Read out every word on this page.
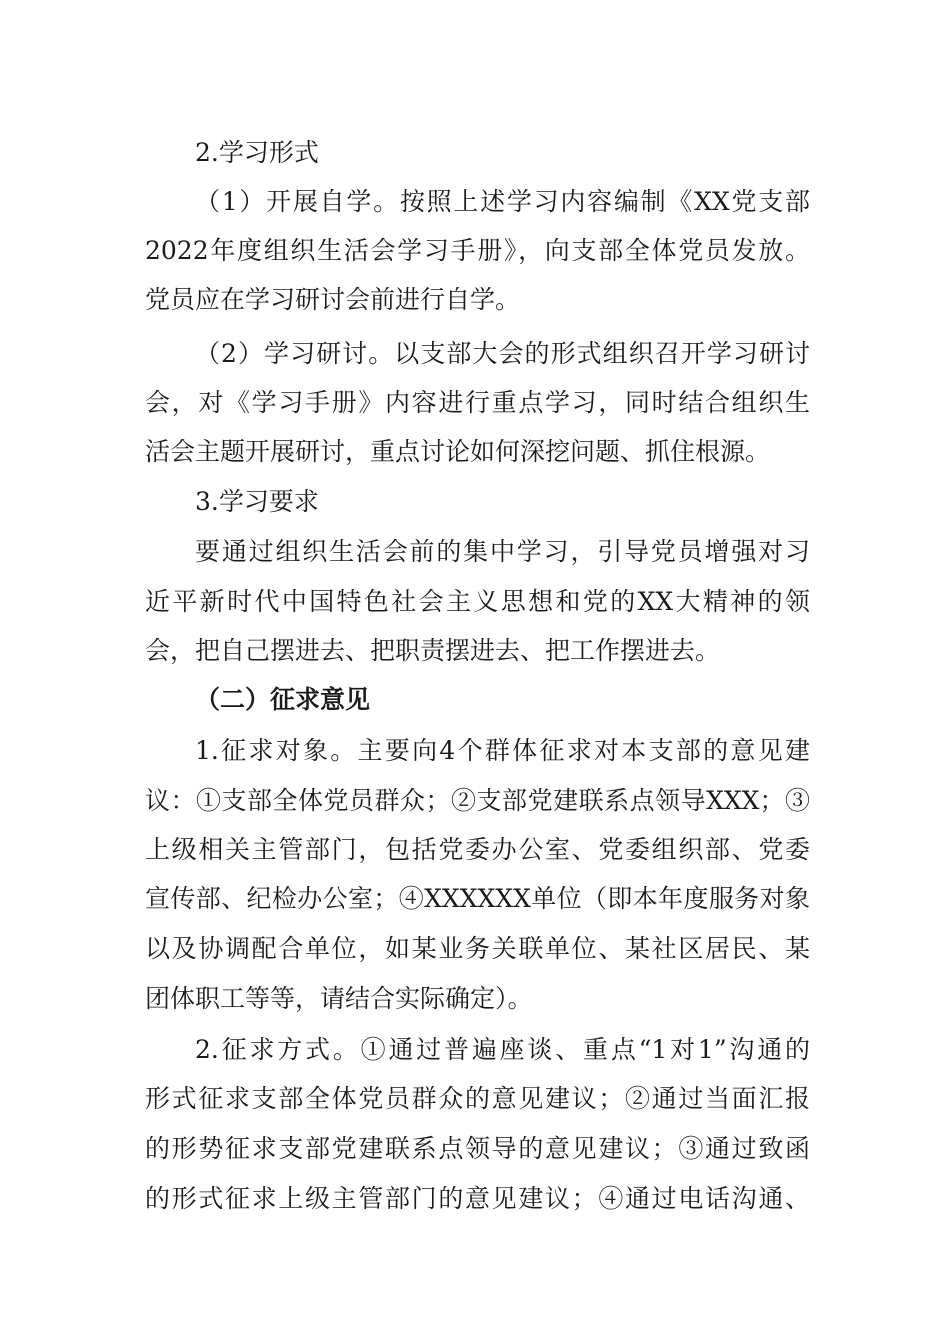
2.学习形式
（1）开展自学。按照上述学习内容编制《XX党支部
2022年度组织生活会学习手册》，向支部全体党员发放。
党员应在学习研讨会前进行自学。
（2）学习研讨。以支部大会的形式组织召开学习研讨
会，对《学习手册》内容进行重点学习，同时结合组织生
活会主题开展研讨，重点讨论如何深挖问题、抓住根源。
3.学习要求
要通过组织生活会前的集中学习，引导党员增强对习
近平新时代中国特色社会主义思想和党的XX大精神的领
会，把自己摆进去、把职责摆进去、把工作摆进去。
（二）征求意见
1.征求对象。主要向4个群体征求对本支部的意见建
议：①支部全体党员群众；②支部党建联系点领导XXX；③
上级相关主管部门，包括党委办公室、党委组织部、党委
宣传部、纪检办公室；④XXXXXX单位（即本年度服务对象
以及协调配合单位，如某业务关联单位、某社区居民、某
团体职工等等，请结合实际确定）。
2.征求方式。①通过普遍座谈、重点“1对1”沟通的
形式征求支部全体党员群众的意见建议；②通过当面汇报
的形势征求支部党建联系点领导的意见建议；③通过致函
的形式征求上级主管部门的意见建议；④通过电话沟通、
